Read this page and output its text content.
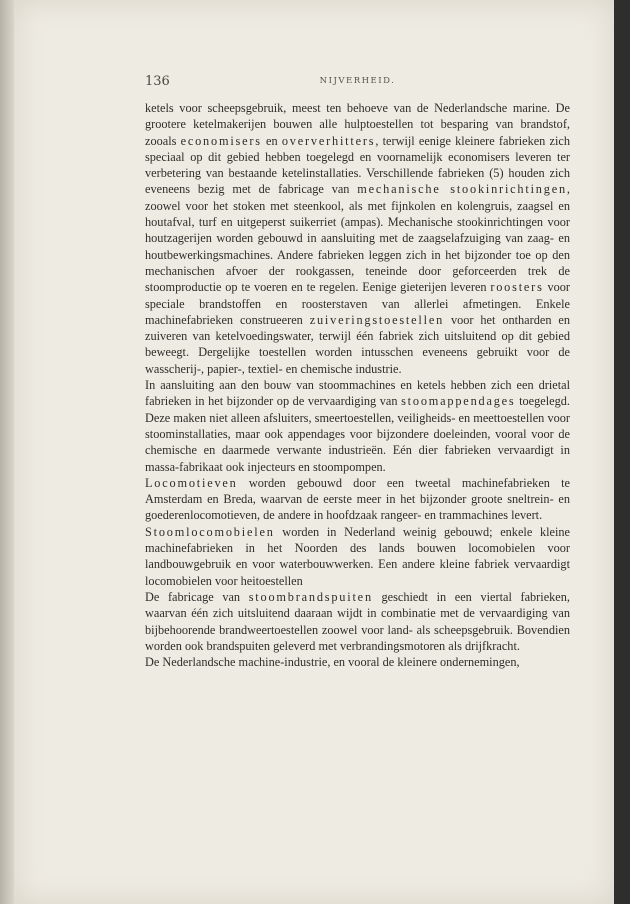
136	NIJVERHEID.

ketels voor scheepsgebruik, meest ten behoeve van de Nederlandsche marine. De grootere ketelmakerijen bouwen alle hulptoestellen tot besparing van brandstof, zooals economisers en oververhitters, terwijl eenige kleinere fabrieken zich speciaal op dit gebied hebben toegelegd en voornamelijk economisers leveren ter verbetering van bestaande ketelinstallaties. Verschillende fabrieken (5) houden zich eveneens bezig met de fabricage van mechanische stookinrichtingen, zoowel voor het stoken met steenkool, als met fijnkolen en kolengruis, zaagsel en houtafval, turf en uitgeperst suikerriet (ampas). Mechanische stookinrichtingen voor houtzagerijen worden gebouwd in aansluiting met de zaagselafzuiging van zaag- en houtbewerkingsmachines. Andere fabrieken leggen zich in het bijzonder toe op den mechanischen afvoer der rookgassen, teneinde door geforceerden trek de stoomproductie op te voeren en te regelen. Eenige gieterijen leveren roosters voor speciale brandstoffen en roosterstaven van allerlei afmetingen. Enkele machinefabrieken construeeren zuiveringstoestellen voor het ontharden en zuiveren van ketelvoedingswater, terwijl één fabriek zich uitsluitend op dit gebied beweegt. Dergelijke toestellen worden intusschen eveneens gebruikt voor de wasscherij-, papier-, textiel- en chemische industrie.

In aansluiting aan den bouw van stoommachines en ketels hebben zich een drietal fabrieken in het bijzonder op de vervaardiging van stoomappendages toegelegd. Deze maken niet alleen afsluiters, smeertoestellen, veiligheids- en meettoestellen voor stoominstallaties, maar ook appendages voor bijzondere doeleinden, vooral voor de chemische en daarmede verwante industrieën. Eén dier fabrieken vervaardigt in massa-fabrikaat ook injecteurs en stoompompen.

Locomotieven worden gebouwd door een tweetal machinefabrieken te Amsterdam en Breda, waarvan de eerste meer in het bijzonder groote sneltrein- en goederenlocomotieven, de andere in hoofdzaak rangeer- en trammachines levert.

Stoomlocomobielen worden in Nederland weinig gebouwd; enkele kleine machinefabrieken in het Noorden des lands bouwen locomobielen voor landbouwgebruik en voor waterbouwwerken. Een andere kleine fabriek vervaardigt locomobielen voor heitoestellen

De fabricage van stoombrandspuiten geschiedt in een viertal fabrieken, waarvan één zich uitsluitend daaraan wijdt in combinatie met de vervaardiging van bijbehoorende brandweertoestellen zoowel voor land- als scheepsgebruik. Bovendien worden ook brandspuiten geleverd met verbrandingsmotoren als drijfkracht.

De Nederlandsche machine-industrie, en vooral de kleinere ondernemingen,
